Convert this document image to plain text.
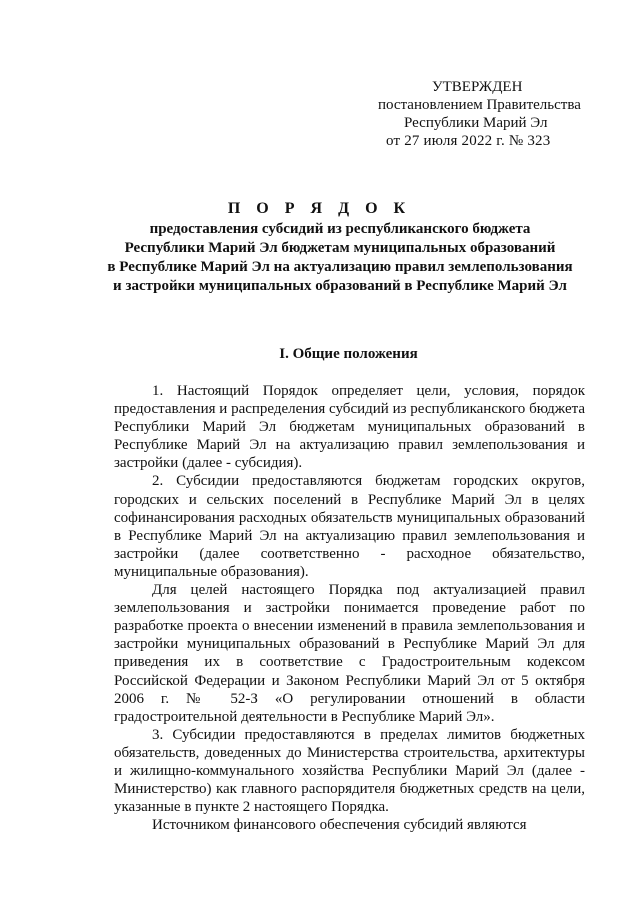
УТВЕРЖДЕН
постановлением Правительства
Республики Марий Эл
от 27 июля 2022 г. № 323
П О Р Я Д О К
предоставления субсидий из республиканского бюджета
Республики Марий Эл бюджетам муниципальных образований
в Республике Марий Эл на актуализацию правил землепользования
и застройки муниципальных образований в Республике Марий Эл
I. Общие положения

1. Настоящий Порядок определяет цели, условия, порядок предоставления и распределения субсидий из республиканского бюджета Республики Марий Эл бюджетам муниципальных образований в Республике Марий Эл на актуализацию правил землепользования и застройки (далее - субсидия).

2. Субсидии предоставляются бюджетам городских округов, городских и сельских поселений в Республике Марий Эл в целях софинансирования расходных обязательств муниципальных образований в Республике Марий Эл на актуализацию правил землепользования и застройки (далее соответственно - расходное обязательство, муниципальные образования).

Для целей настоящего Порядка под актуализацией правил землепользования и застройки понимается проведение работ по разработке проекта о внесении изменений в правила землепользования и застройки муниципальных образований в Республике Марий Эл для приведения их в соответствие с Градостроительным кодексом Российской Федерации и Законом Республики Марий Эл от 5 октября 2006 г. № 52-З «О регулировании отношений в области градостроительной деятельности в Республике Марий Эл».

3. Субсидии предоставляются в пределах лимитов бюджетных обязательств, доведенных до Министерства строительства, архитектуры и жилищно-коммунального хозяйства Республики Марий Эл (далее - Министерство) как главного распорядителя бюджетных средств на цели, указанные в пункте 2 настоящего Порядка.

Источником финансового обеспечения субсидий являются
